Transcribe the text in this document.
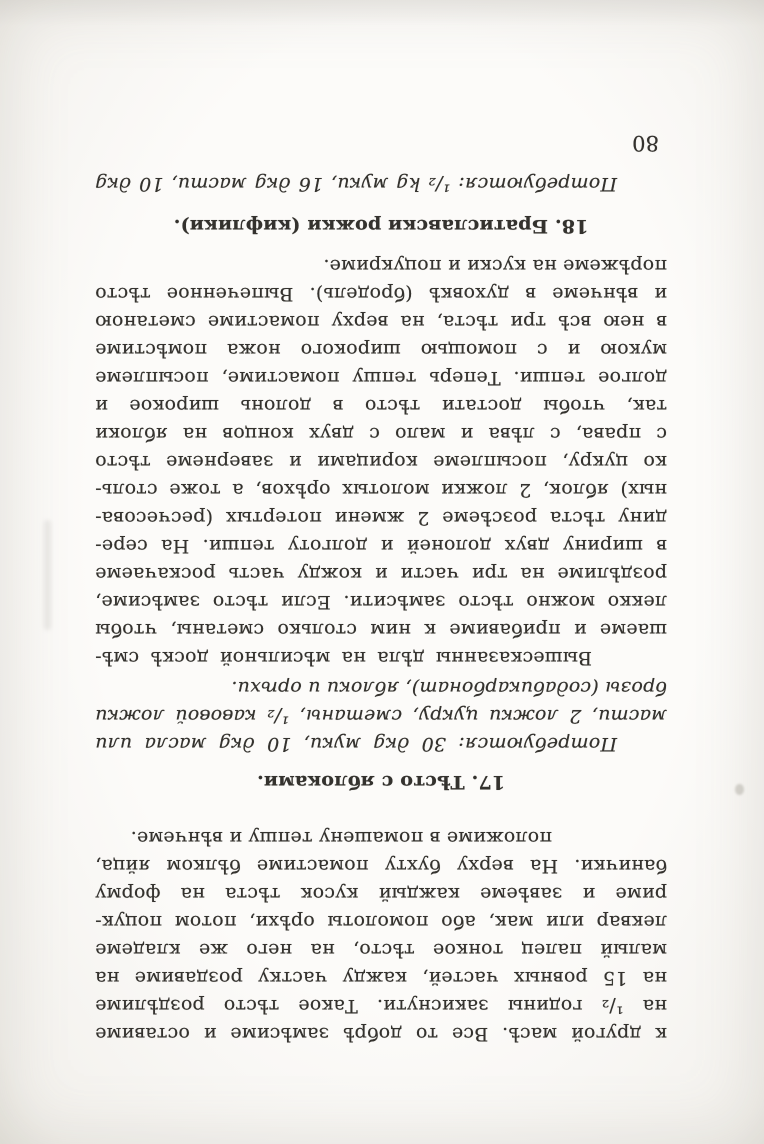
к другой масѣ. Все то добрѣ замѣсиме и оставиме
на ¹/₂ годины закиснути. Такое тѣсто роздѣлиме
на 15 ровных частей, кажду частку роздавиме на
малый палец тонкое тѣсто, на него же кладеме
леквар или мак, або помолоты орѣхи, потом поцук-
риме и завѣеме каждый кусок тѣста на форму
банички. На верху бухту помастиме бѣлком яйца,
положиме в помашену тепшу и вѣнчеме.
17. Тѣсто с яблоками.
Потребуются: 30 дкg муки, 10 дкg масла или
масти, 2 ложки цукру, сметаны, ¹/₂ кавовой ложки
брозы (содабикарбонат), яблоки и орѣхи.
Вышесказанны дѣла на мѣсильной доскѣ смѣ-
шаеме и прибавиме к ним столько сметаны, чтобы
лекко можно тѣсто замѣсити. Если тѣсто замѣсиме,
роздѣлиме на три части и кожду часть роскачаеме
в ширину двух долоней и долготу тепши. На сере-
дину тѣста розсѣеме 2 жмени потертых (ресчесова-
ных) яблок, 2 ложки молотых орѣхов, а тоже столь-
ко цукру, посыплеме корицами и завернеме тѣсто
с права, с лѣва и мало с двух концов на яблоки
так, чтобы достати тѣсто в долонь широкое и
долгое тепши. Теперь тепшу помастиме, посыплеме
мукою и с помощью широкого ножа помѣстиме
в нею всѣ три тѣста, на верху помастиме сметаною
и вѣнчеме в духовкѣ (бродель). Выпеченное тѣсто
порѣжеме на куски и поцукриме.
18. Братиславски рожки (кифлики).
Потребуются: ¹/₂ kg муки, 16 дкg масти, 10 дкg
80
